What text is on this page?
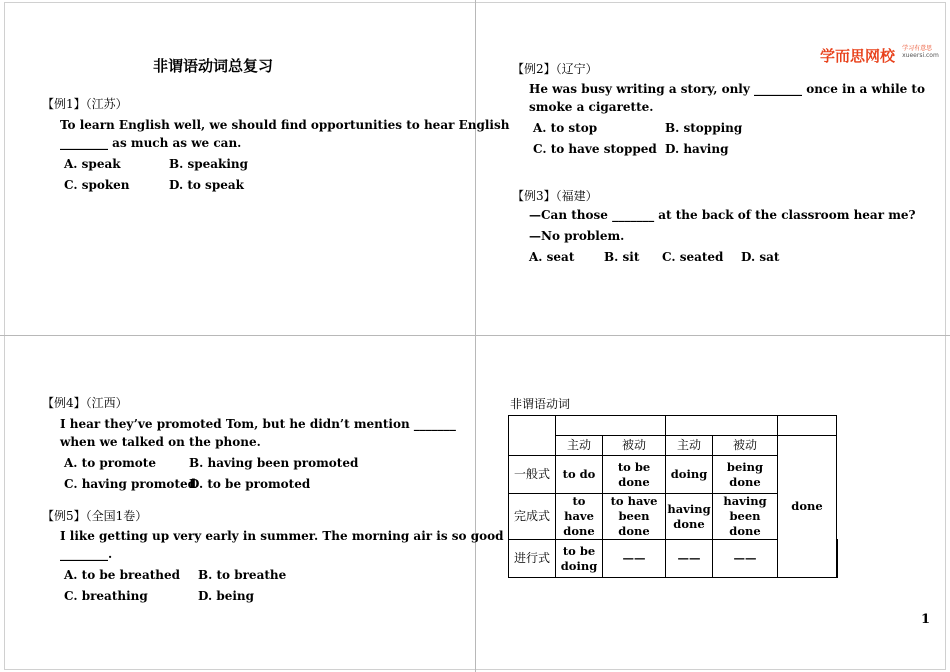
非谓语动词总复习
【例1】（江苏）
To learn English well, we should find opportunities to hear English
________ as much as we can.
A. speak	B. speaking
C. spoken	D. to speak
学而思网校 学习有意思
xueersi.com
【例2】（辽宁）
He was busy writing a story, only ________ once in a while to
smoke a cigarette.
A. to stop	B. stopping
C. to have stopped D. having
【例3】（福建）
—Can those _______ at the back of the classroom hear me?
—No problem.
A. seat B. sit C. seated D. sat
【例4】（江西）
I hear they’ve promoted Tom, but he didn’t mention _______
when we talked on the phone.
A. to promote	B. having been promoted
C. having promoted
D. to be promoted
【例5】（全国1卷）
I like getting up very early in summer. The morning air is so good
________.
A. to be breathed B. to breathe
C. breathing	D. being
非谓语动词

	主动	被动	主动	被动	done	
一般式	to do	to be done	doing	being done		
完成式	to have done	to have been done	having done	having been done		
进行式	to be doing	——	——	——		
1
